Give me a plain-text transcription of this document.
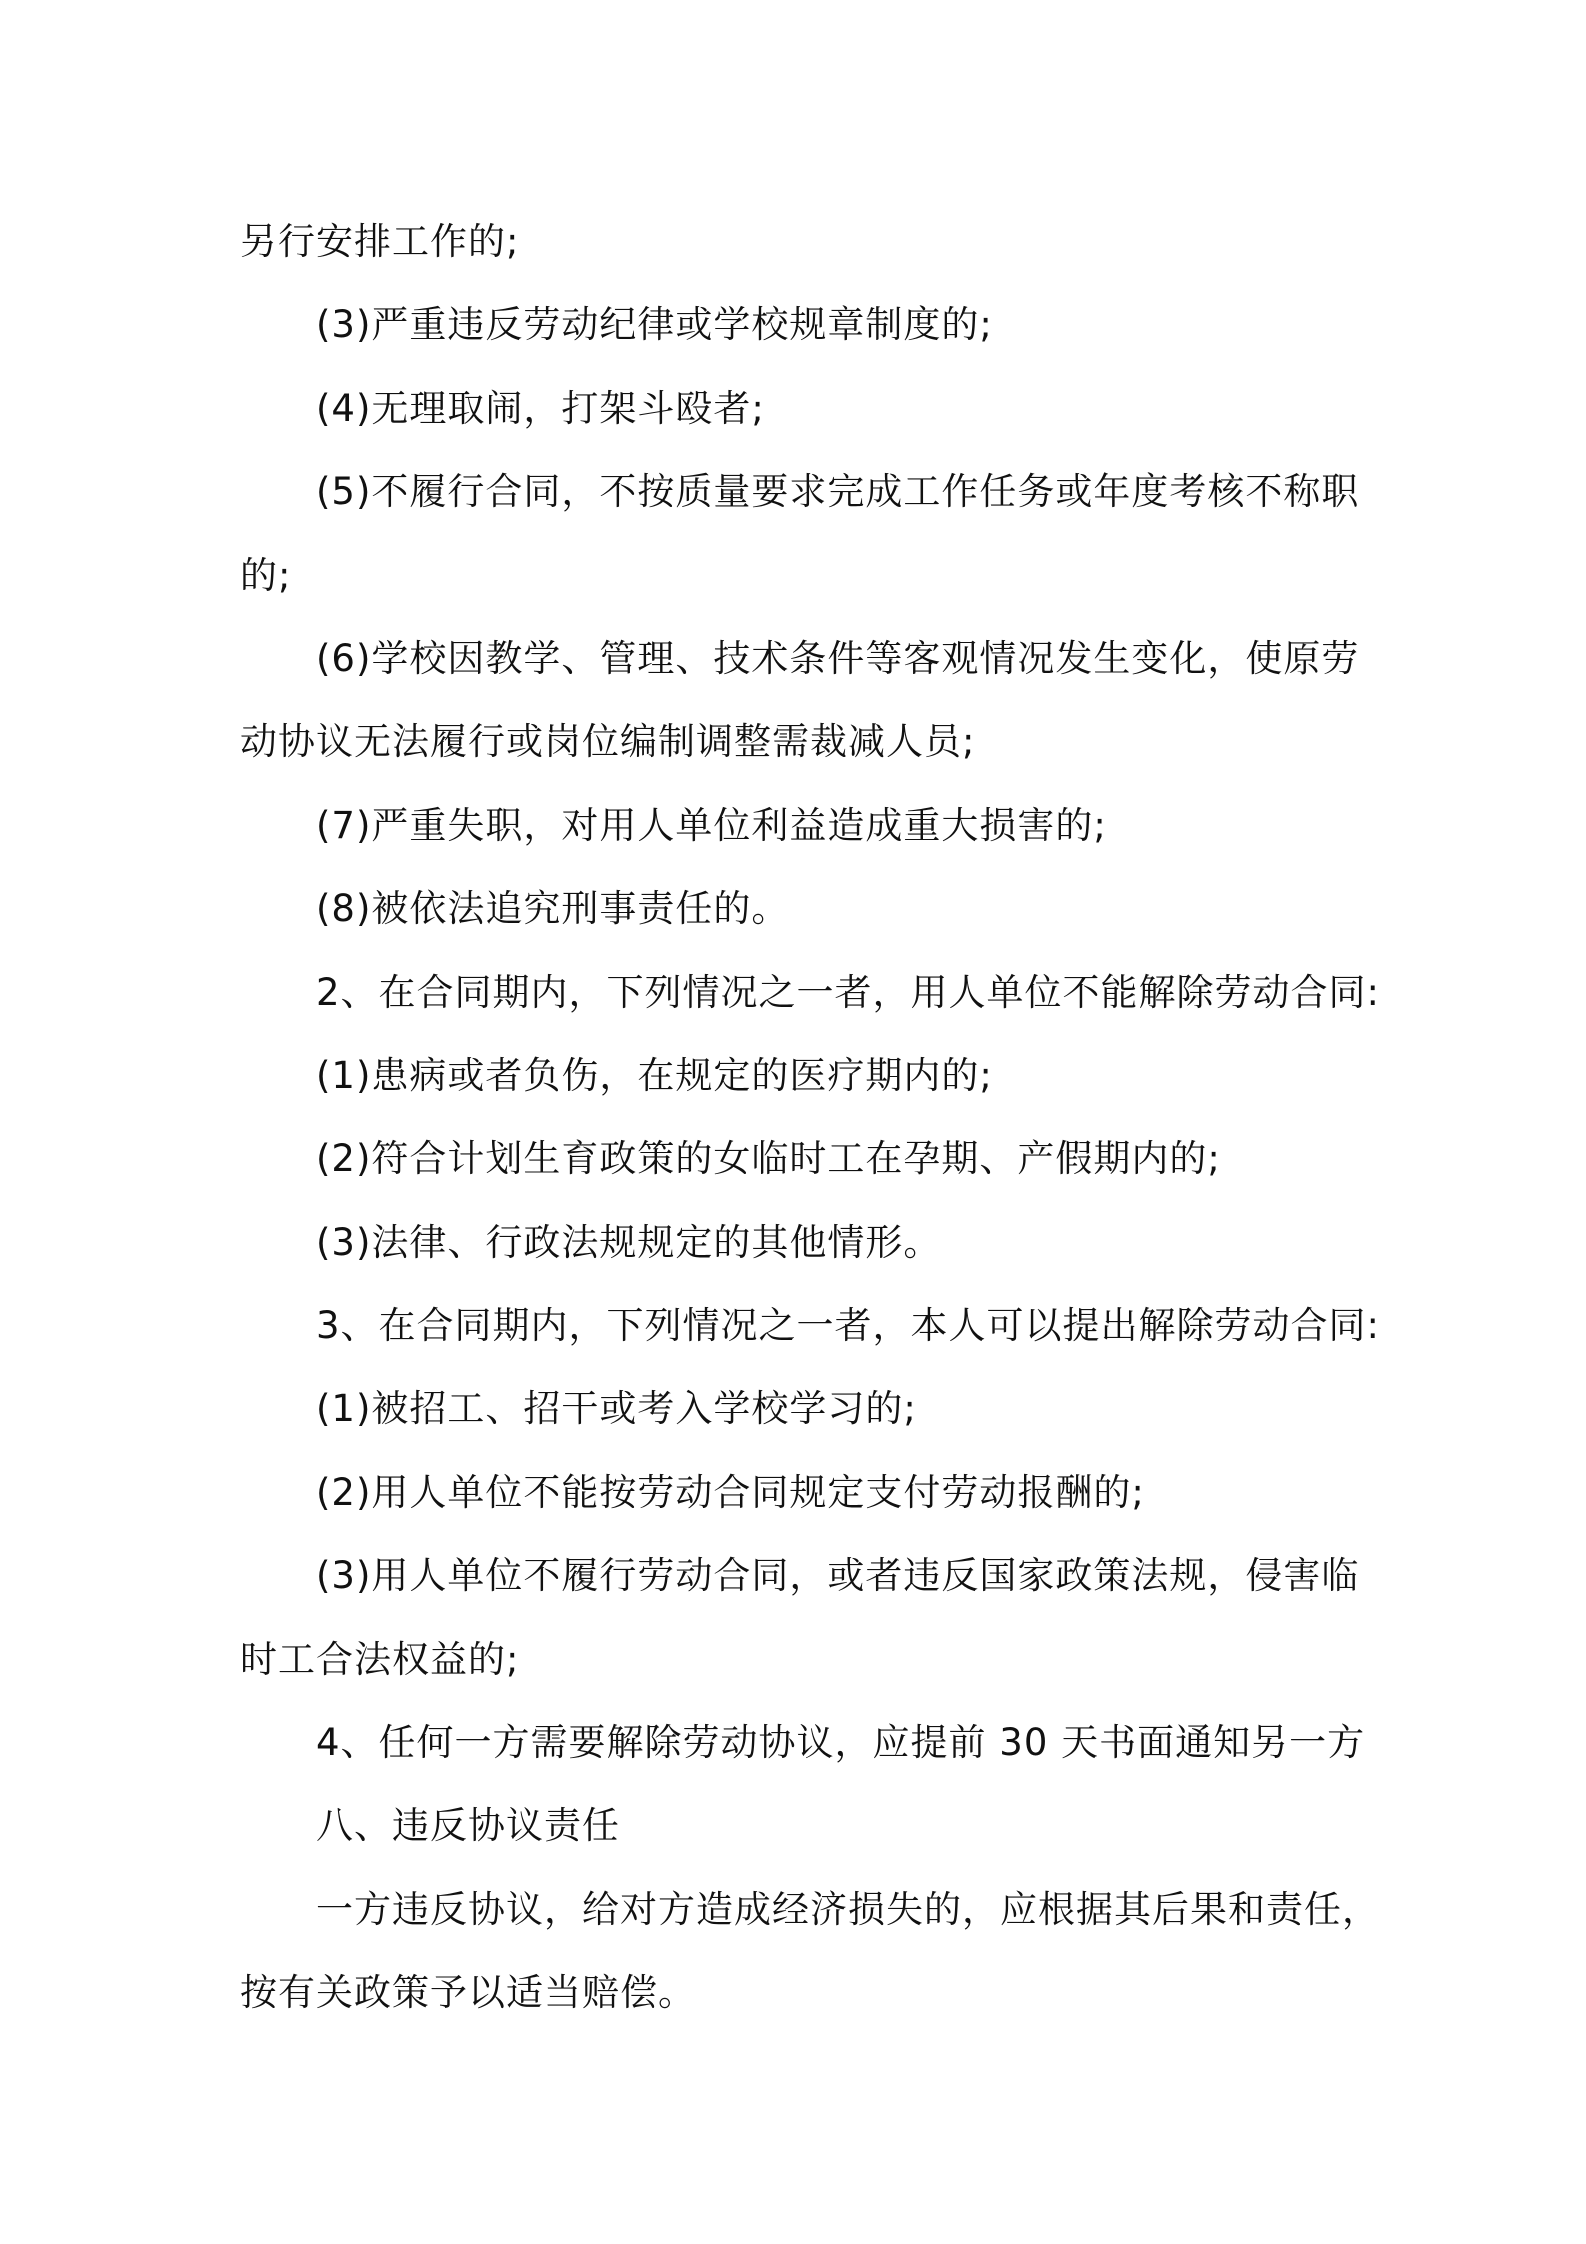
另行安排工作的;
(3)严重违反劳动纪律或学校规章制度的;
(4)无理取闹，打架斗殴者;
(5)不履行合同，不按质量要求完成工作任务或年度考核不称职
的;
(6)学校因教学、管理、技术条件等客观情况发生变化，使原劳
动协议无法履行或岗位编制调整需裁减人员;
(7)严重失职，对用人单位利益造成重大损害的;
(8)被依法追究刑事责任的。
2、在合同期内，下列情况之一者，用人单位不能解除劳动合同:
(1)患病或者负伤，在规定的医疗期内的;
(2)符合计划生育政策的女临时工在孕期、产假期内的;
(3)法律、行政法规规定的其他情形。
3、在合同期内，下列情况之一者，本人可以提出解除劳动合同:
(1)被招工、招干或考入学校学习的;
(2)用人单位不能按劳动合同规定支付劳动报酬的;
(3)用人单位不履行劳动合同，或者违反国家政策法规，侵害临
时工合法权益的;
4、任何一方需要解除劳动协议，应提前 30 天书面通知另一方
八、违反协议责任
一方违反协议，给对方造成经济损失的，应根据其后果和责任，
按有关政策予以适当赔偿。
